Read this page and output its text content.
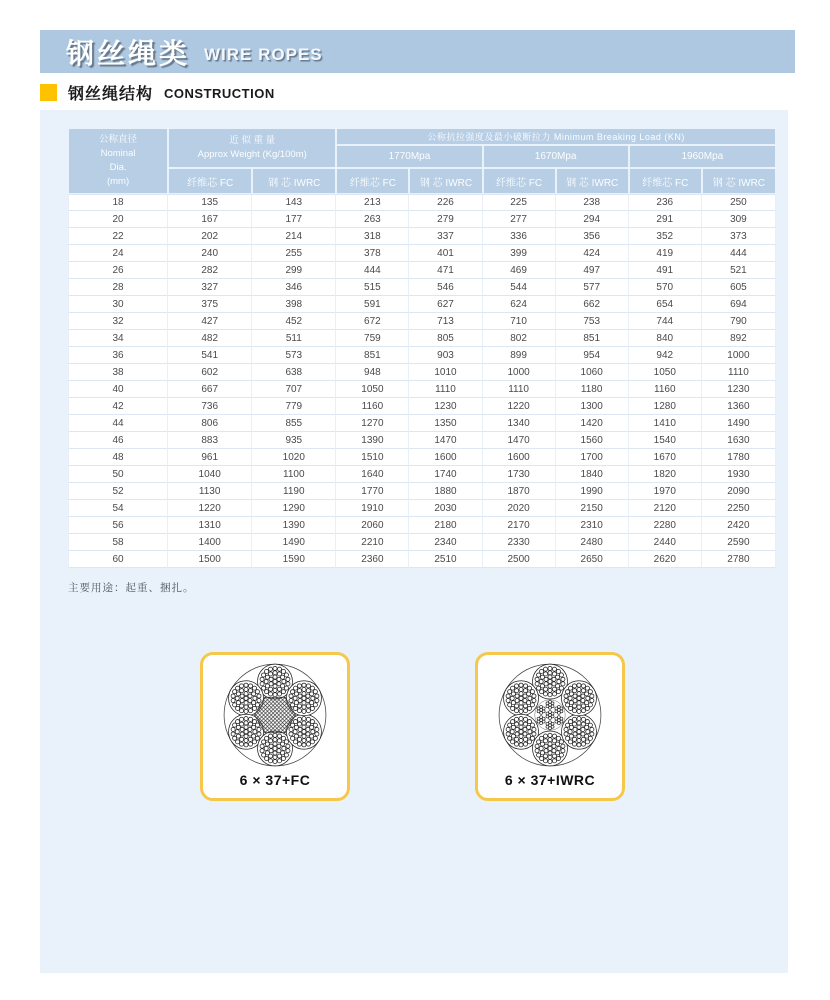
钢丝绳类 WIRE ROPES
钢丝绳结构 CONSTRUCTION
公称直径
Nominal
Dia.
(mm)

近 似 重 量
Approx Weight (Kg/100m)
	公称抗拉强度及最小破断拉力 Minimum Breaking Load (KN)
			1770Mpa		1670Mpa		1960Mpa	
	纤维芯 FC	钢 芯 IWRC	纤维芯 FC	钢 芯 IWRC	纤维芯 FC	钢 芯 IWRC	纤维芯 FC	钢 芯 IWRC
18	135	143	213	226	225	238	236	250
20	167	177	263	279	277	294	291	309
22	202	214	318	337	336	356	352	373
24	240	255	378	401	399	424	419	444
26	282	299	444	471	469	497	491	521
28	327	346	515	546	544	577	570	605
30	375	398	591	627	624	662	654	694
32	427	452	672	713	710	753	744	790
34	482	511	759	805	802	851	840	892
36	541	573	851	903	899	954	942	1000
38	602	638	948	1010	1000	1060	1050	1110
40	667	707	1050	1110	1110	1180	1160	1230
42	736	779	1160	1230	1220	1300	1280	1360
44	806	855	1270	1350	1340	1420	1410	1490
46	883	935	1390	1470	1470	1560	1540	1630
48	961	1020	1510	1600	1600	1700	1670	1780
50	1040	1100	1640	1740	1730	1840	1820	1930
52	1130	1190	1770	1880	1870	1990	1970	2090
54	1220	1290	1910	2030	2020	2150	2120	2250
56	1310	1390	2060	2180	2170	2310	2280	2420
58	1400	1490	2210	2340	2330	2480	2440	2590
60	1500	1590	2360	2510	2500	2650	2620	2780
主要用途：起重、捆扎。
6 × 37+FC	6 × 37+IWRC
